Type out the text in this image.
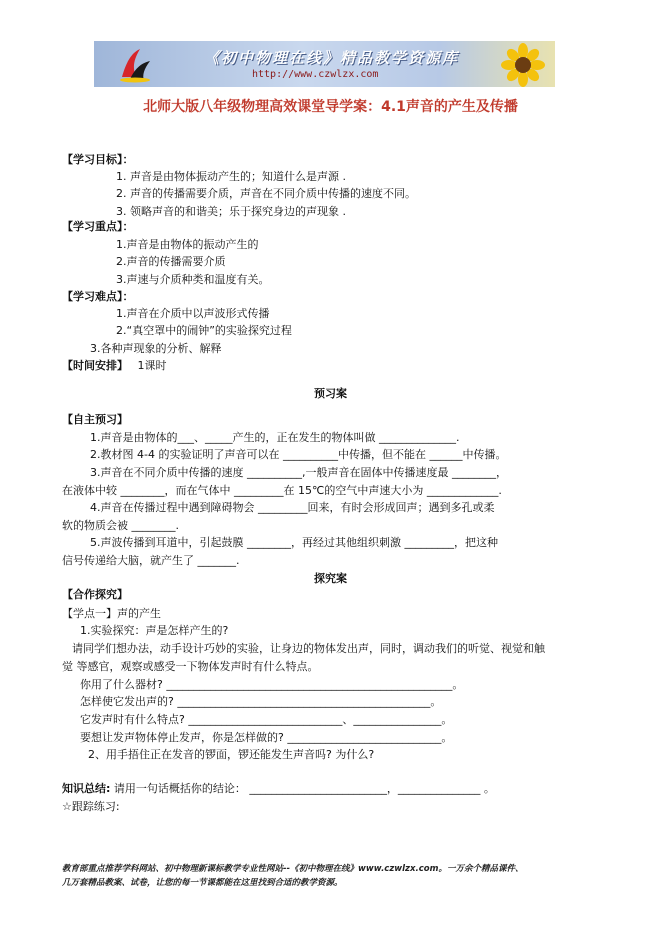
《初中物理在线》精品教学资源库
http://www.czwlzx.com
北师大版八年级物理高效课堂导学案：4.1声音的产生及传播
【学习目标】：
1. 声音是由物体振动产生的；知道什么是声源 .
2. 声音的传播需要介质，声音在不同介质中传播的速度不同。
3. 领略声音的和谐美；乐于探究身边的声现象 .
【学习重点】：
1.声音是由物体的振动产生的
2.声音的传播需要介质
3.声速与介质种类和温度有关。
【学习难点】：
1.声音在介质中以声波形式传播
2.“真空罩中的闹钟”的实验探究过程
3.各种声现象的分析、解释
【时间安排】 1课时
预习案
【自主预习】
1.声音是由物体的___、_____产生的，正在发生的物体叫做 ______________.
2.教材图 4-4 的实验证明了声音可以在 __________中传播，但不能在 ______中传播。
3.声音在不同介质中传播的速度 __________,一般声音在固体中传播速度最 ________，
在液体中较 ________，而在气体中 _________在 15℃的空气中声速大小为 _____________.
4.声音在传播过程中遇到障碍物会 _________回来，有时会形成回声；遇到多孔或柔
软的物质会被 ________.
5.声波传播到耳道中，引起鼓膜 ________，再经过其他组织刺激 _________，把这种
信号传递给大脑，就产生了 _______.
探究案
【合作探究】
【学点一】声的产生
1.实验探究：声是怎样产生的?
请同学们想办法，动手设计巧妙的实验，让身边的物体发出声，同时，调动我们的听觉、视觉和触
觉 等感官，观察或感受一下物体发声时有什么特点。
你用了什么器材? ____________________________________________________。
怎样使它发出声的? ______________________________________________。
它发声时有什么特点? ____________________________、________________。
要想让发声物体停止发声，你是怎样做的? ____________________________。
2、用手捂住正在发音的锣面，锣还能发生声音吗? 为什么?
知识总结: 请用一句话概括你的结论： _________________________，_______________ 。
☆跟踪练习:
教育部重点推荐学科网站、初中物理新课标教学专业性网站--《初中物理在线》www.czwlzx.com。一万余个精品课件、
几万套精品教案、试卷，让您的每一节课都能在这里找到合适的教学资源。
